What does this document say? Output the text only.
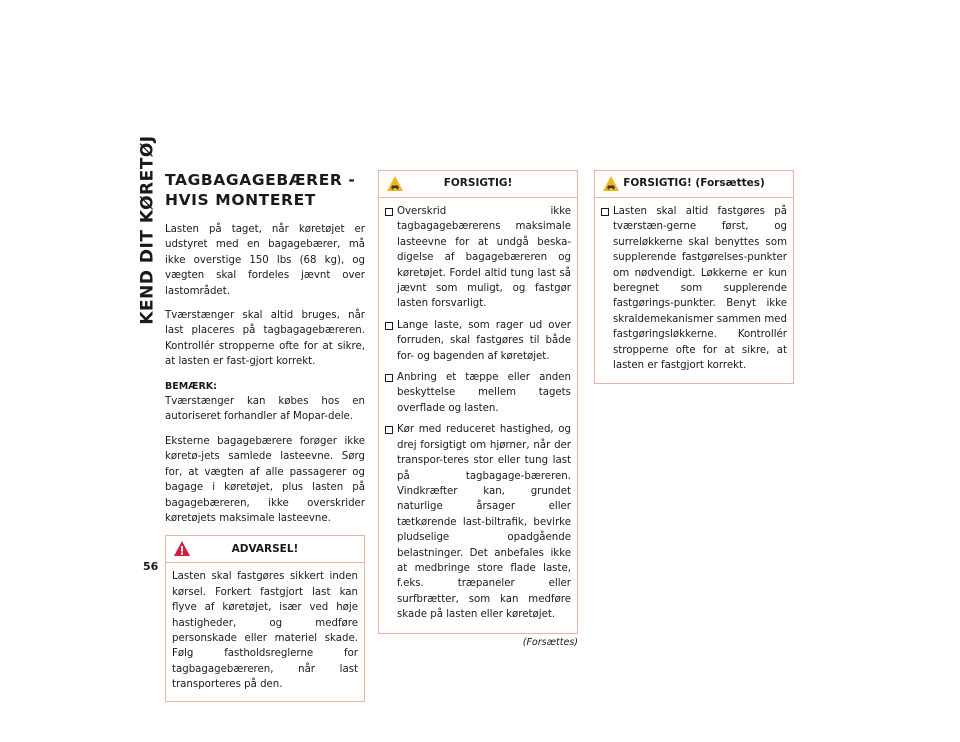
KEND DIT KØRETØJ
56
TAGBAGAGEBÆRER - HVIS MONTERET

Lasten på taget, når køretøjet er udstyret med en bagagebærer, må ikke overstige 150 lbs (68 kg), og vægten skal fordeles jævnt over lastområdet.

Tværstænger skal altid bruges, når last placeres på tagbagagebæreren. Kontrollér stropperne ofte for at sikre, at lasten er fast-gjort korrekt.

BEMÆRK:
Tværstænger kan købes hos en autoriseret forhandler af Mopar-dele.

Eksterne bagagebærere forøger ikke køretø-jets samlede lasteevne. Sørg for, at vægten af alle passagerer og bagage i køretøjet, plus lasten på bagagebæreren, ikke overskrider køretøjets maksimale lasteevne.

ADVARSEL!

Lasten skal fastgøres sikkert inden kørsel. Forkert fastgjort last kan flyve af køretøjet, især ved høje hastigheder, og medføre personskade eller materiel skade. Følg fastholdsreglerne for tagbagagebæreren, når last transporteres på den.

FORSIGTIG!
Overskrid ikke tagbagagebærerens maksimale lasteevne for at undgå beska-digelse af bagagebæreren og køretøjet. Fordel altid tung last så jævnt som muligt, og fastgør lasten forsvarligt.
Lange laste, som rager ud over forruden, skal fastgøres til både for- og bagenden af køretøjet.
Anbring et tæppe eller anden beskyttelse mellem tagets overflade og lasten.
Kør med reduceret hastighed, og drej forsigtigt om hjørner, når der transpor-teres stor eller tung last på tagbagage-bæreren. Vindkræfter kan, grundet naturlige årsager eller tætkørende last-biltrafik, bevirke pludselige opadgående belastninger. Det anbefales ikke at medbringe store flade laste, f.eks. træpaneler eller surfbrætter, som kan medføre skade på lasten eller køretøjet.
(Forsættes)
FORSIGTIG! (Forsættes)
Lasten skal altid fastgøres på tværstæn-gerne først, og surreløkkerne skal benyttes som supplerende fastgørelses-punkter om nødvendigt. Løkkerne er kun beregnet som supplerende fastgørings-punkter. Benyt ikke skraldemekanismer sammen med fastgøringsløkkerne. Kontrollér stropperne ofte for at sikre, at lasten er fastgjort korrekt.
